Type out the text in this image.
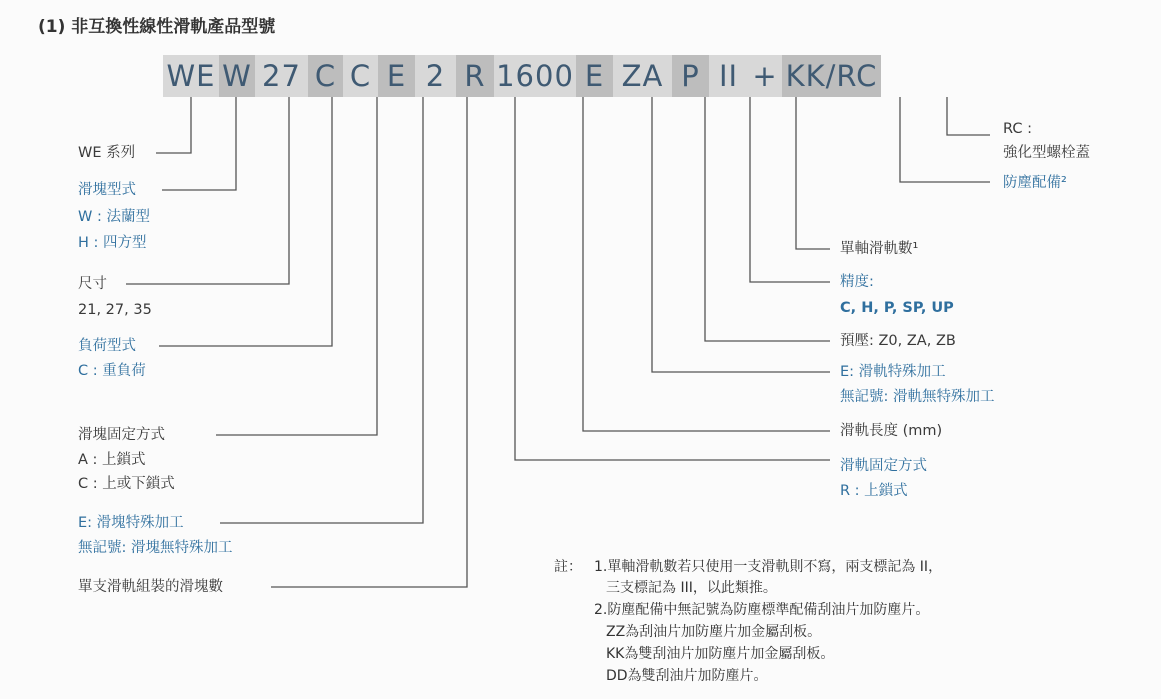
(1) 非互換性線性滑軌產品型號
WE W 27 C C E 2 R 1600 E ZA P II + KK/RC
WE 系列
滑塊型式
W : 法蘭型
H : 四方型
尺寸
21, 27, 35
負荷型式
C : 重負荷
滑塊固定方式
A : 上鎖式
C : 上或下鎖式
E: 滑塊特殊加工
無記號: 滑塊無特殊加工
單支滑軌組裝的滑塊數
RC :
強化型螺栓蓋
防塵配備²
單軸滑軌數¹
精度:
C, H, P, SP, UP
預壓: Z0, ZA, ZB
E: 滑軌特殊加工
無記號: 滑軌無特殊加工
滑軌長度 (mm)
滑軌固定方式
R : 上鎖式
註： 1.單軸滑軌數若只使用一支滑軌則不寫，兩支標記為 II，
三支標記為 III，以此類推。
2.防塵配備中無記號為防塵標準配備刮油片加防塵片。
ZZ為刮油片加防塵片加金屬刮板。
KK為雙刮油片加防塵片加金屬刮板。
DD為雙刮油片加防塵片。
